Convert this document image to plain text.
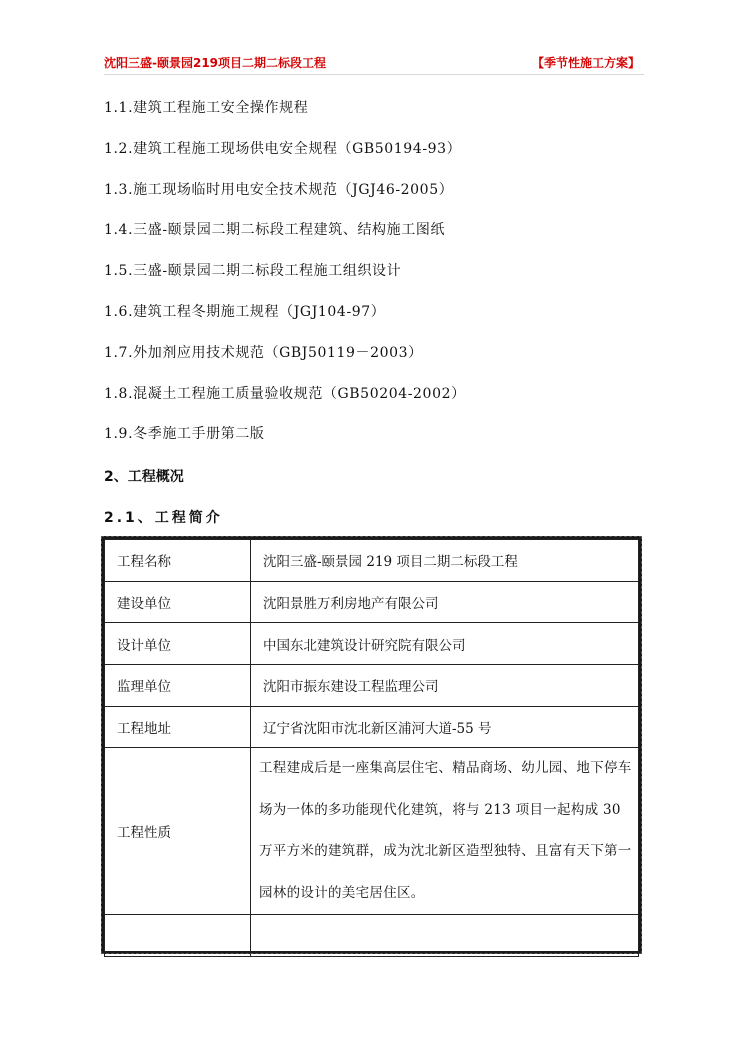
沈阳三盛-颐景园219项目二期二标段工程	【季节性施工方案】
1.1.建筑工程施工安全操作规程
1.2.建筑工程施工现场供电安全规程（GB50194-93）
1.3.施工现场临时用电安全技术规范（JGJ46-2005）
1.4.三盛-颐景园二期二标段工程建筑、结构施工图纸
1.5.三盛-颐景园二期二标段工程施工组织设计
1.6.建筑工程冬期施工规程（JGJ104-97）
1.7.外加剂应用技术规范（GBJ50119－2003）
1.8.混凝土工程施工质量验收规范（GB50204-2002）
1.9.冬季施工手册第二版
2、工程概况
2.1、工程简介
工程名称	沈阳三盛-颐景园 219 项目二期二标段工程
建设单位	沈阳景胜万利房地产有限公司
设计单位	中国东北建筑设计研究院有限公司
监理单位	沈阳市振东建设工程监理公司
工程地址	辽宁省沈阳市沈北新区浦河大道-55 号
工程性质	工程建成后是一座集高层住宅、精品商场、幼儿园、地下停车场为一体的多功能现代化建筑，将与 213 项目一起构成 30 万平方米的建筑群，成为沈北新区造型独特、且富有天下第一园林的设计的美宅居住区。
